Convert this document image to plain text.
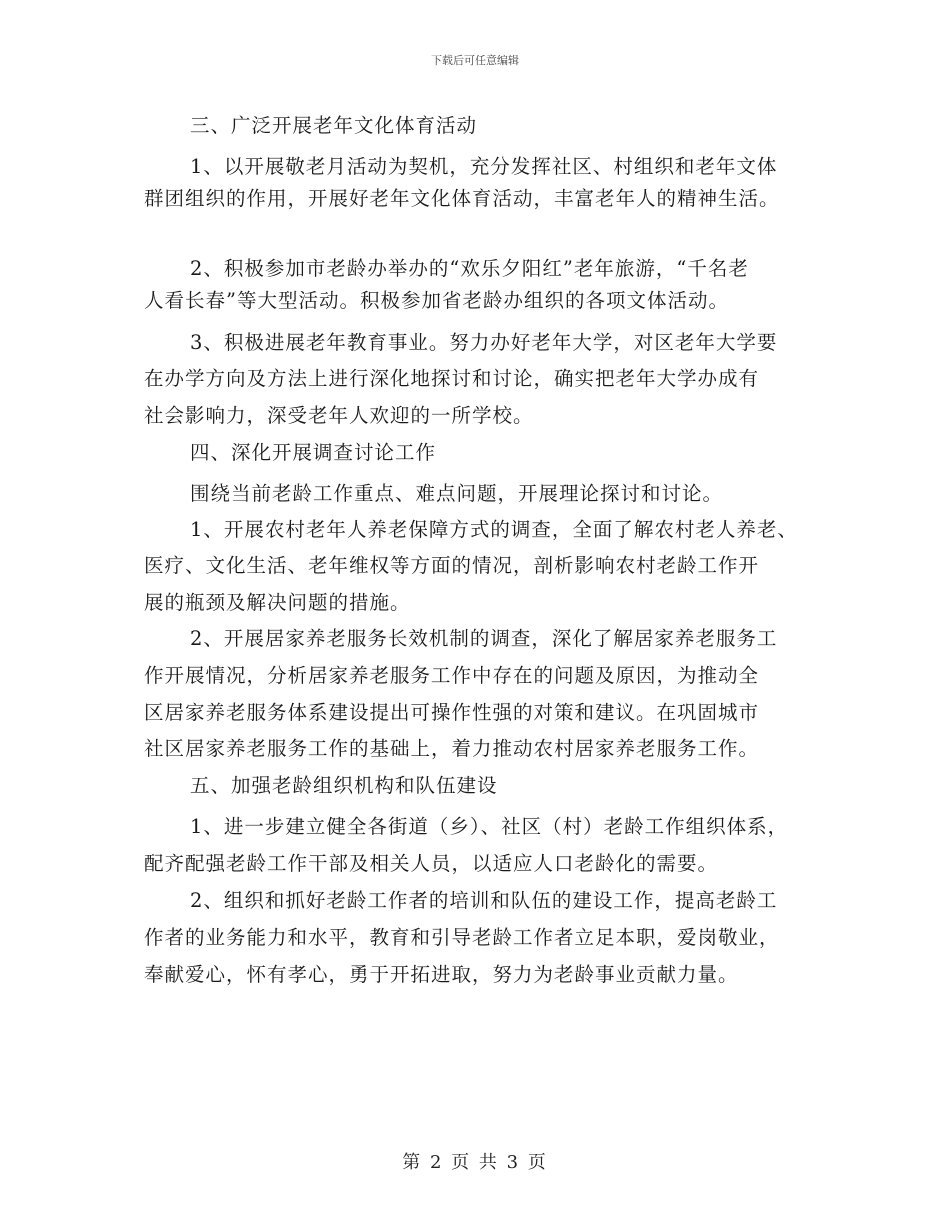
下载后可任意编辑
三、广泛开展老年文化体育活动
1、以开展敬老月活动为契机，充分发挥社区、村组织和老年文体
群团组织的作用，开展好老年文化体育活动，丰富老年人的精神生活。
2、积极参加市老龄办举办的“欢乐夕阳红”老年旅游，“千名老
人看长春”等大型活动。积极参加省老龄办组织的各项文体活动。
3、积极进展老年教育事业。努力办好老年大学，对区老年大学要
在办学方向及方法上进行深化地探讨和讨论，确实把老年大学办成有
社会影响力，深受老年人欢迎的一所学校。
四、深化开展调查讨论工作
围绕当前老龄工作重点、难点问题，开展理论探讨和讨论。
1、开展农村老年人养老保障方式的调查，全面了解农村老人养老、
医疗、文化生活、老年维权等方面的情况，剖析影响农村老龄工作开
展的瓶颈及解决问题的措施。
2、开展居家养老服务长效机制的调查，深化了解居家养老服务工
作开展情况，分析居家养老服务工作中存在的问题及原因，为推动全
区居家养老服务体系建设提出可操作性强的对策和建议。在巩固城市
社区居家养老服务工作的基础上，着力推动农村居家养老服务工作。
五、加强老龄组织机构和队伍建设
1、进一步建立健全各街道（乡）、社区（村）老龄工作组织体系，
配齐配强老龄工作干部及相关人员，以适应人口老龄化的需要。
2、组织和抓好老龄工作者的培训和队伍的建设工作，提高老龄工
作者的业务能力和水平，教育和引导老龄工作者立足本职，爱岗敬业，
奉献爱心，怀有孝心，勇于开拓进取，努力为老龄事业贡献力量。
第 2 页 共 3 页
